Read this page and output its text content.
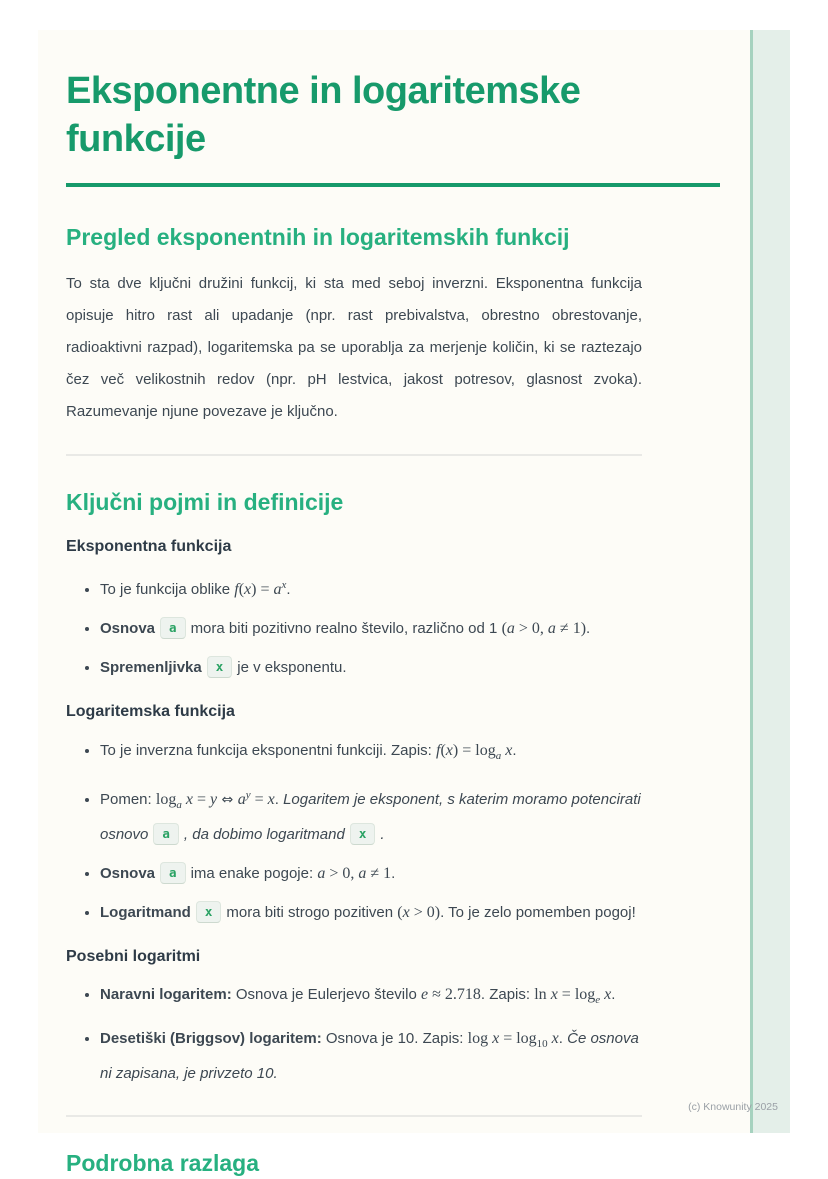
Eksponentne in logaritemske funkcije
Pregled eksponentnih in logaritemskih funkcij

To sta dve ključni družini funkcij, ki sta med seboj inverzni. Eksponentna funkcija opisuje hitro rast ali upadanje (npr. rast prebivalstva, obrestno obrestovanje, radioaktivni razpad), logaritemska pa se uporablja za merjenje količin, ki se raztezajo čez več velikostnih redov (npr. pH lestvica, jakost potresov, glasnost zvoka). Razumevanje njune povezave je ključno.

Ključni pojmi in definicije
Eksponentna funkcija
• To je funkcija oblike $f(x) = a^x$.
• Osnova a mora biti pozitivno realno število, različno od 1 (a > 0, a ≠ 1).
• Spremenljivka x je v eksponentu.
Logaritemska funkcija
• To je inverzna funkcija eksponentni funkciji. Zapis: $f(x) = \log_a x$.
• Pomen: $\log_a x = y$ ⇔ $a^y = x$. Logaritem je eksponent, s katerim moramo potencirati osnovo a , da dobimo logaritmand x .
• Osnova a ima enake pogoje: a > 0, a ≠ 1.
• Logaritmand x mora biti strogo pozitiven (x > 0). To je zelo pomemben pogoj!
Posebni logaritmi
• Naravni logaritem: Osnova je Eulerjevo število e ≈ 2.718. Zapis: $\ln x = \log_e x$.
• Desetiški (Briggsov) logaritem: Osnova je 10. Zapis: $\log x = \log_{10} x$. Če osnova ni zapisana, je privzeto 10.
Podrobna razlaga
(c) Knowunity 2025
